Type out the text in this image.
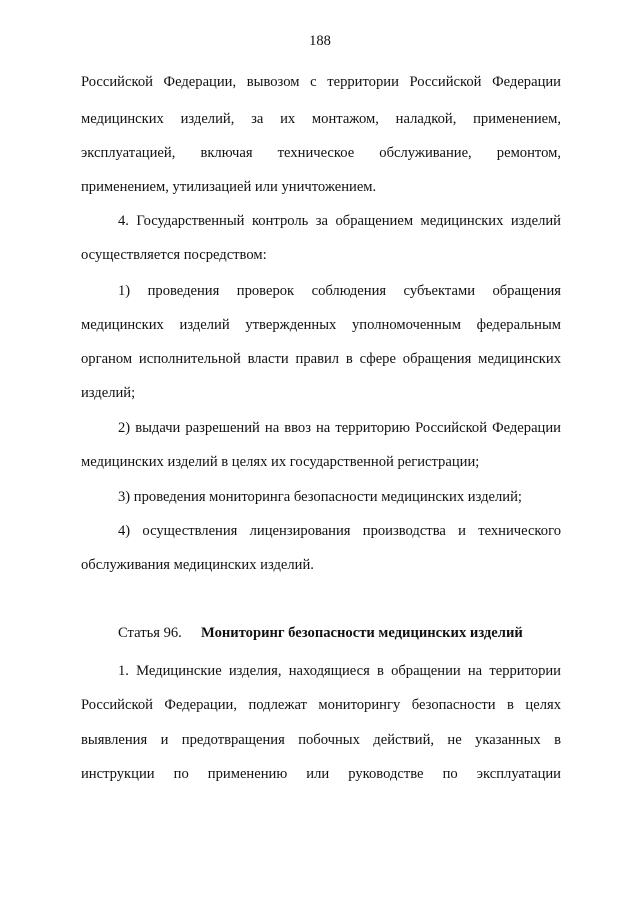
188
Российской Федерации, вывозом с территории Российской Федерации
медицинских изделий, за их монтажом, наладкой, применением,
эксплуатацией, включая техническое обслуживание, ремонтом,
применением, утилизацией или уничтожением.
4. Государственный контроль за обращением медицинских изделий
осуществляется посредством:
1) проведения проверок соблюдения субъектами обращения
медицинских изделий утвержденных уполномоченным федеральным
органом исполнительной власти правил в сфере обращения медицинских
изделий;
2) выдачи разрешений на ввоз на территорию Российской Федерации
медицинских изделий в целях их государственной регистрации;
3) проведения мониторинга безопасности медицинских изделий;
4) осуществления лицензирования производства и технического
обслуживания медицинских изделий.
Статья 96. Мониторинг безопасности медицинских изделий
1. Медицинские изделия, находящиеся в обращении на территории
Российской Федерации, подлежат мониторингу безопасности в целях
выявления и предотвращения побочных действий, не указанных в
инструкции по применению или руководстве по эксплуатации
